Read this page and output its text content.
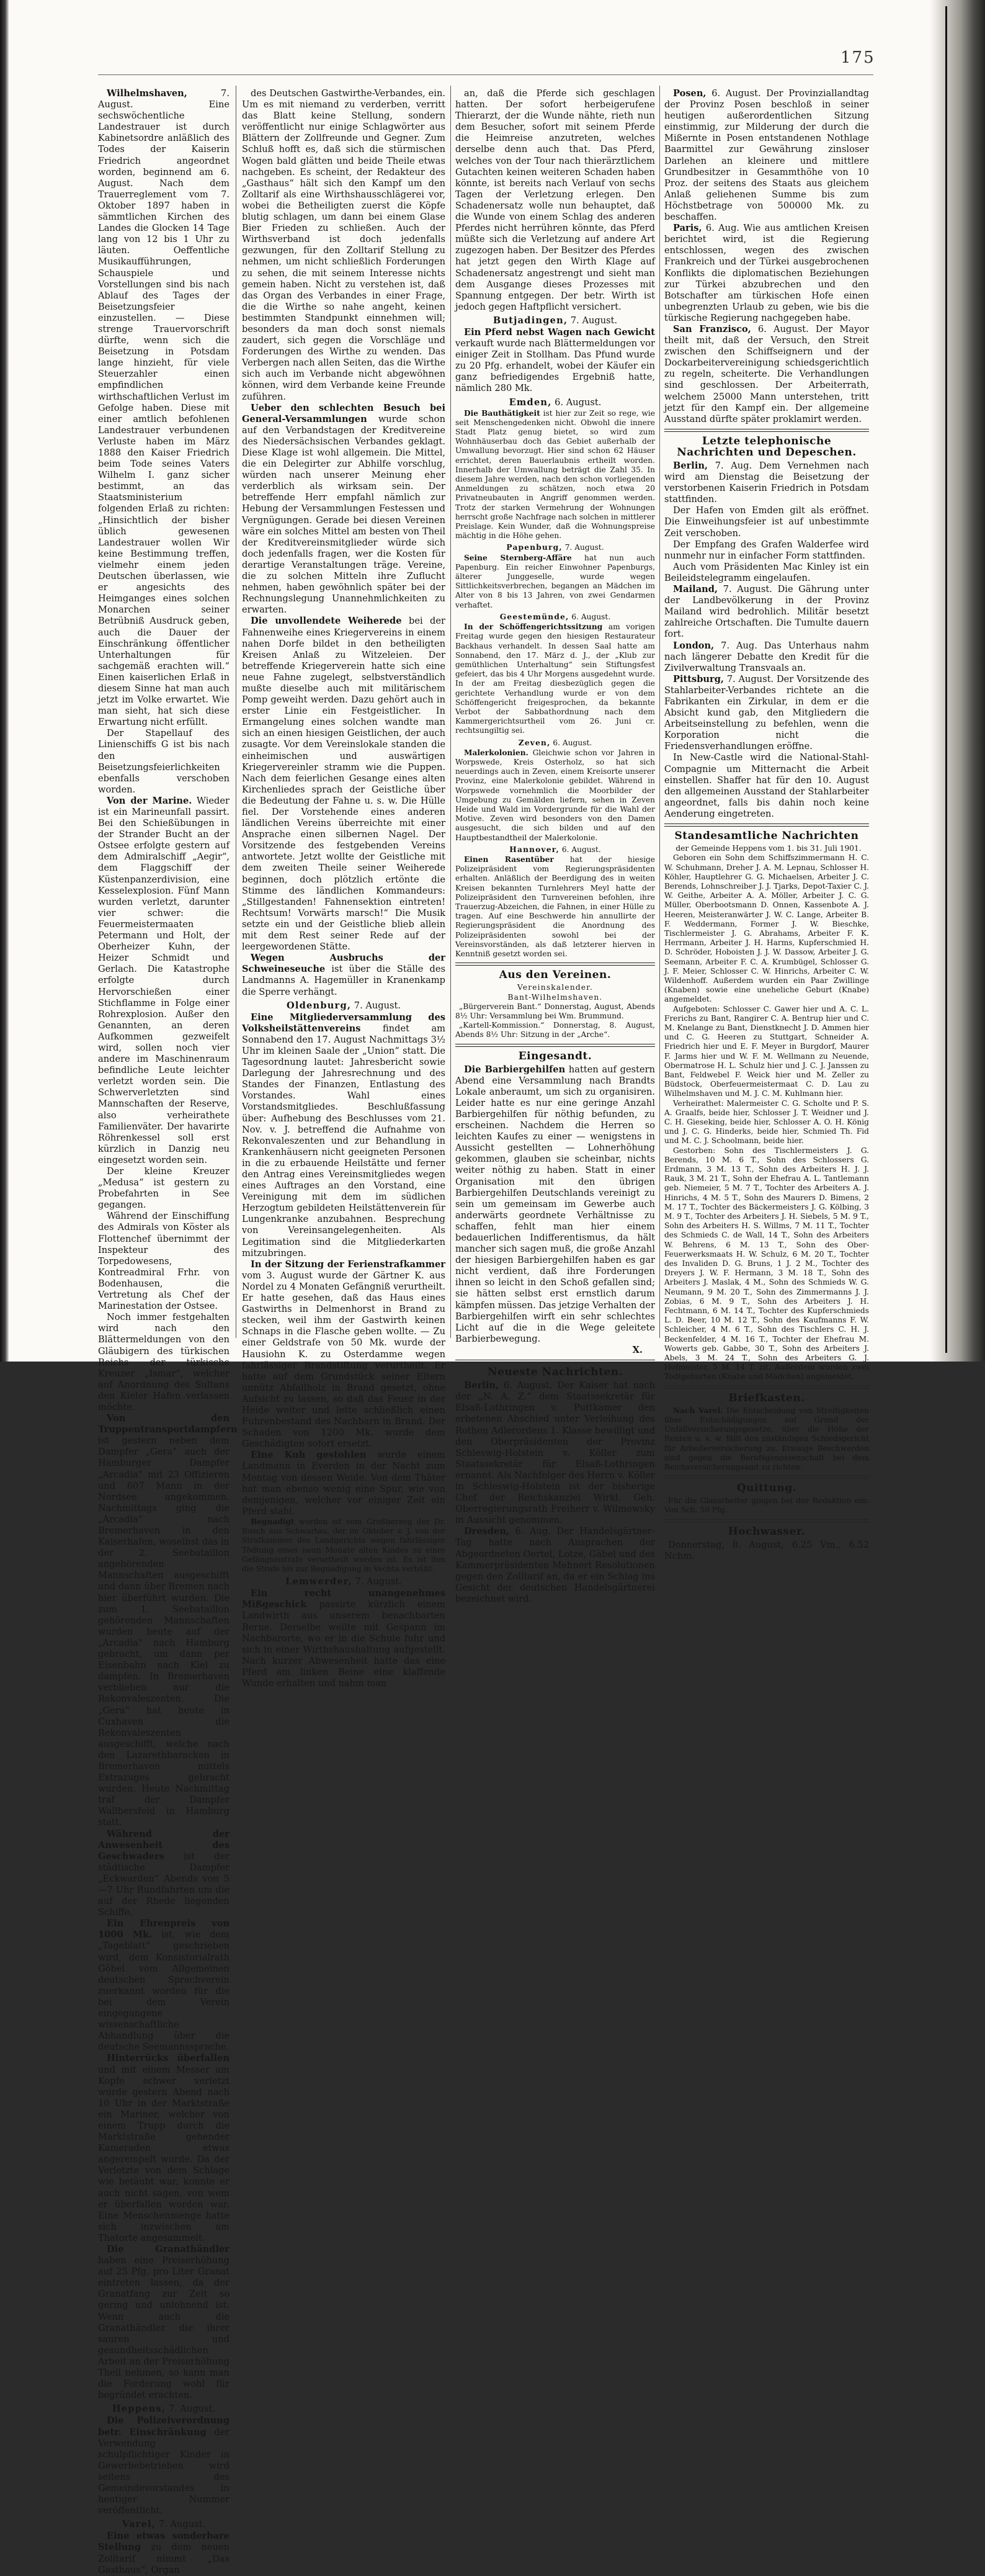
175

Wilhelmshaven, 7. August.	Eine sechswöchentliche Landestrauer ist durch Kabinetsordre anläßlich des Todes der Kaiserin Friedrich angeordnet worden, beginnend am 6. August. Nach dem Trauerreglement vom 7. Oktober 1897 haben in sämmtlichen Kirchen des Landes die Glocken 14 Tage lang von 12 bis 1 Uhr zu läuten. Oeffentliche Musikaufführungen, Schauspiele und Vorstellungen sind bis nach Ablauf des Tages der Beisetzungsfeier einzustellen. — Diese strenge Trauervorschrift dürfte, wenn sich die Beisetzung in Potsdam lange hinzieht, für viele Steuerzahler einen empfindlichen wirthschaftlichen Verlust im Gefolge haben. Diese mit einer amtlich befohlenen Landestrauer verbundenen Verluste haben im März 1888 den Kaiser Friedrich beim Tode seines Vaters Wilhelm I. ganz sicher bestimmt, an das Staatsministerium folgenden Erlaß zu richten: „Hinsichtlich der bisher üblich gewesenen Landestrauer wollen Wir keine Bestimmung treffen, vielmehr einem jeden Deutschen überlassen, wie er angesichts des Heimganges eines solchen Monarchen seiner Betrübniß Ausdruck geben, auch die Dauer der Einschränkung öffentlicher Unterhaltungen für sachgemäß erachten will.“ Einen kaiserlichen Erlaß in diesem Sinne hat man auch jetzt im Volke erwartet. Wie man sieht, hat sich diese Erwartung nicht erfüllt.

Der Stapellauf des Linienschiffs G ist bis nach den Beisetzungsfeierlichkeiten ebenfalls verschoben worden.

Von der Marine. Wieder ist ein Marineunfall passirt. Bei den Schießübungen in der Strander Bucht an der Ostsee erfolgte gestern auf dem Admiralschiff „Aegir“, dem Flaggschiff der Küstenpanzerdivision, eine Kesselexplosion. Fünf Mann wurden verletzt, darunter vier schwer: die Feuermeistermaaten Petermann und Holt, der Oberheizer Kuhn, der Heizer Schmidt und Gerlach. Die Katastrophe erfolgte durch Hervorschießen einer Stichflamme in Folge einer Rohrexplosion. Außer den Genannten, an deren Aufkommen gezweifelt wird, sollen noch vier andere im Maschinenraum befindliche Leute leichter verletzt worden sein. Die Schwerverletzten sind Mannschaften der Reserve, also verheirathete Familienväter. Der havarirte Röhrenkessel soll erst kürzlich in Danzig neu eingesetzt worden sein.

Der kleine Kreuzer „Medusa“ ist gestern zu Probefahrten in See gegangen.

Während der Einschiffung des Admirals von Köster als Flottenchef übernimmt der Inspekteur des Torpedowesens, Kontreadmiral Frhr. von Bodenhausen, die Vertretung als Chef der Marinestation der Ostsee.

Noch immer festgehalten wird nach den Blättermeldungen von den Gläubigern des türkischen Reichs der türkische Kreuzer „Ismar“, welcher auf Anordnung des Sultans den Kieler Hafen verlassen möchte.

Von den Truppentransportdampfern ist gestern neben dem Dampfer „Gera“ auch der Hamburger Dampfer „Arcadia“ mit 23 Offizieren und 607 Mann in der Nordsee angekommen. Nachmittags ging die „Arcadia“ nach Bremerhaven in den Kaiserhafen, woselbst das in der 2. Seebataillon angehörenden Mannschaften ausgeschifft und dann über Bremen nach hier überführt wurden. Die zum 1. Seebataillon gehörenden Mannschaften wurden heute auf der „Arcadia“ nach Hamburg gebracht, um dann per Eisenbahn nach Kiel zu dampfen. In Bremerhaven verblieben nur die Rekonvaleszenten. Die „Gera“ hat heute in Cuxhaven die Rekonvaleszenten ausgeschifft, welche nach den Lazarethbaracken in Bremerhaven mittels Extrazuges gebracht wurden. Heute Nachmittag traf der Dampfer Wallbersfeld in Hamburg statt.

Während der Anwesenheit des Geschwaders ist der städtische Dampfer „Eckwarden“ Abends von 5—7 Uhr Rundfahrten um die auf der Rhede liegenden Schiffe.

Ein Ehrenpreis von 1000 Mk. ist, wie dem „Tageblatt“ geschrieben wird, dem Konsistorialrath Göbel vom Allgemeinen deutschen Sprachverein zuerkannt worden für die bei dem Verein eingegangene wissenschaftliche Abhandlung über die deutsche Seemannssprache.

Hinterrücks überfallen und mit einem Messer am Kopfe schwer verletzt wurde gestern Abend nach 10 Uhr in der Marktstraße ein Mariner, welcher von einem Trupp durch die Marktstraße gehender Kameraden etwas angerempelt wurde. Da der Verletzte von dem Schlage wie betäubt war, konnte er auch nicht sagen, von wem er überfallen worden war. Eine Menschenmenge hatte sich inzwischen am Thatorte angesammelt.

Die Granathändler haben eine Preiserhöhung auf 25 Pfg. pro Liter Granat eintreten lassen, da der Granatfang zur Zeit so gering und unlohnend ist. Wenn auch die Granathändler die ihrer sauren und gesundheitsschädlichen Arbeit an der Preiserhöhung Theil nehmen, so kann man die Forderung wohl für begründet erachten.

Heppens, 7. August.

Die Polizeiverordnung betr. Einschränkung der Verwendung schulpflichtiger Kinder in Gewerbebetrieben wird seitens des Gemeindevorstandes in heutiger Nummer veröffentlicht.

Varel, 7. August.

Eine etwas sonderbare Stellung zu dem neuen Zolltarif nimmt „Das Gasthaus“, Organ

des Deutschen Gastwirthe-Verbandes, ein. Um es mit niemand zu verderben, verritt das Blatt keine Stellung, sondern veröffentlicht nur einige Schlagwörter aus Blättern der Zollfreunde und Gegner. Zum Schluß hofft es, daß sich die stürmischen Wogen bald glätten und beide Theile etwas nachgeben. Es scheint, der Redakteur des „Gasthaus“ hält sich den Kampf um den Zolltarif als eine Wirthshausschlägerei vor, wobei die Betheiligten zuerst die Köpfe blutig schlagen, um dann bei einem Glase Bier Frieden zu schließen. Auch der Wirthsverband ist doch jedenfalls gezwungen, für den Zolltarif Stellung zu nehmen, um nicht schließlich Forderungen zu sehen, die mit seinem Interesse nichts gemein haben. Nicht zu verstehen ist, daß das Organ des Verbandes in einer Frage, die die Wirthe so nahe angeht, keinen bestimmten Standpunkt einnehmen will; besonders da man doch sonst niemals zaudert, sich gegen die Vorschläge und Forderungen des Wirthe zu wenden. Das Verbergen nach allen Seiten, das die Wirthe sich auch im Verbande nicht abgewöhnen können, wird dem Verbande keine Freunde zuführen.

Ueber den schlechten Besuch bei General-Versammlungen wurde schon auf den Verbandstagen der Kreditvereine des Niedersächsischen Verbandes geklagt. Diese Klage ist wohl allgemein. Die Mittel, die ein Delegirter zur Abhilfe vorschlug, würden nach unserer Meinung eher verderblich als wirksam sein. Der betreffende Herr empfahl nämlich zur Hebung der Versammlungen Festessen und Vergnügungen. Gerade bei diesen Vereinen wäre ein solches Mittel am besten von Theil der Kreditvereinsmitglieder würde sich doch jedenfalls fragen, wer die Kosten für derartige Veranstaltungen träge. Vereine, die zu solchen Mitteln ihre Zuflucht nehmen, haben gewöhnlich später bei der Rechnungslegung Unannehmlichkeiten zu erwarten.

Die unvollendete Weiherede bei der Fahnenweihe eines Kriegervereins in einem nahen Dorfe bildet in den betheiligten Kreisen Anlaß zu Witzeleien. Der betreffende Kriegerverein hatte sich eine neue Fahne zugelegt, selbstverständlich mußte dieselbe auch mit militärischem Pomp geweiht werden. Dazu gehört auch in erster Linie ein Festgeistlicher. In Ermangelung eines solchen wandte man sich an einen hiesigen Geistlichen, der auch zusagte. Vor dem Vereinslokale standen die einheimischen und auswärtigen Kriegervereinler stramm wie die Puppen. Nach dem feierlichen Gesange eines alten Kirchenliedes sprach der Geistliche über die Bedeutung der Fahne u. s. w. Die Hülle fiel. Der Vorstehende eines anderen ländlichen Vereins überreichte mit einer Ansprache einen silbernen Nagel. Der Vorsitzende des festgebenden Vereins antwortete. Jetzt wollte der Geistliche mit dem zweiten Theile seiner Weiherede beginnen, doch plötzlich ertönte die Stimme des ländlichen Kommandeurs: „Stillgestanden! Fahnensektion eintreten! Rechtsum! Vorwärts marsch!“ Die Musik setzte ein und der Geistliche blieb allein mit dem Rest seiner Rede auf der leergewordenen Stätte.

Wegen Ausbruchs der Schweineseuche ist über die Ställe des Landmanns A. Hagemüller in Kranenkamp die Sperre verhängt.

Oldenburg, 7. August.

Eine Mitgliederversammlung des Volksheilstättenvereins findet am Sonnabend den 17. August Nachmittags 3½ Uhr im kleinen Saale der „Union“ statt. Die Tagesordnung lautet: Jahresbericht sowie Darlegung der Jahresrechnung und des Standes der Finanzen, Entlastung des Vorstandes. Wahl eines Vorstandsmitgliedes. Beschlußfassung über: Aufhebung des Beschlusses vom 21. Nov. v. J. betreffend die Aufnahme von Rekonvaleszenten und zur Behandlung in Krankenhäusern nicht geeigneten Personen in die zu erbauende Heilstätte und ferner den Antrag eines Vereinsmitgliedes wegen eines Auftrages an den Vorstand, eine Vereinigung mit dem im südlichen Herzogtum gebildeten Heilstättenverein für Lungenkranke anzubahnen. Besprechung von Vereinsangelegenheiten. Als Legitimation sind die Mitgliederkarten mitzubringen.

In der Sitzung der Ferienstrafkammer vom 3. August wurde der Gärtner K. aus Nordel zu 4 Monaten Gefängniß verurtheilt. Er hatte gesehen, daß das Haus eines Gastwirths in Delmenhorst in Brand zu stecken, weil ihm der Gastwirth keinen Schnaps in die Flasche geben wollte. — Zu einer Geldstrafe von 50 Mk. wurde der Hausiohn K. zu Osterdamme wegen fahrlässiger Brandstiftung verurtheilt. Er hatte auf dem Grundstück seiner Eltern unnütz Abfallholz in Brand gesetzt, ohne Aufsicht zu lassen, so daß das Feuer in der Heide weiter und lette schließlich einen Fuhrenbestand des Nachbarn in Brand. Der Schaden von 1200 Mk. wurde dem Geschädigten sofort ersetzt.

Eine Kuh gestohlen wurde einem Landmann in Everden in der Nacht zum Montag von dessen Weide. Von dem Thäter hat man ebenso wenig eine Spur, wie von demjenigen, welcher vor einiger Zeit ein Pferd stahl.

Begnadigt worden ist vom Großherzog der Dr. Busch aus Schwartau, der im Oktober v. J. von der Strafkammer des Landgerichts wegen fahrlässiger Tödtung eines neun Monate alten Kindes zu einer Gefängnisstrafe verurtheilt worden ist. Es ist ihm die Strafe bis zur Begnadigung in Vechta verbüßt.

Lemwerder, 7. August.

Ein recht unangenehmes Mißgeschick passirte kürzlich einem Landwirth aus unserem benachbarten Berne. Derselbe weilte mit Gespann im Nachbarorte, wo er in die Schule fuhr und sich in einer Wirthshaushaltung aufgestellt. Nach kurzer Abwesenheit hatte das eine Pferd am linken Beine eine klaffende Wunde erhalten und nahm man

an, daß die Pferde sich geschlagen hatten. Der sofort herbeigerufene Thierarzt, der die Wunde nähte, rieth nun dem Besucher, sofort mit seinem Pferde die Heimreise anzutreten, welches derselbe denn auch that. Das Pferd, welches von der Tour nach thierärztlichem Gutachten keinen weiteren Schaden haben könnte, ist bereits nach Verlauf von sechs Tagen der Verletzung erlegen. Den Schadenersatz wolle nun behauptet, daß die Wunde von einem Schlag des anderen Pferdes nicht herrühren könnte, das Pferd müßte sich die Verletzung auf andere Art zugezogen haben. Der Besitzer des Pferdes hat jetzt gegen den Wirth Klage auf Schadenersatz angestrengt und sieht man dem Ausgange dieses Prozesses mit Spannung entgegen. Der betr. Wirth ist jedoch gegen Haftpflicht versichert.

Butjadingen, 7. August.

Ein Pferd nebst Wagen nach Gewicht verkauft wurde nach Blättermeldungen vor einiger Zeit in Stollham. Das Pfund wurde zu 20 Pfg. erhandelt, wobei der Käufer ein ganz befriedigendes Ergebniß hatte, nämlich 280 Mk.

Emden, 6. August.

Die Bauthätigkeit ist hier zur Zeit so rege, wie seit Menschengedenken nicht. Obwohl die innere Stadt Platz genug bietet, so wird zum Wohnhäuserbau doch das Gebiet außerhalb der Umwallung bevorzugt. Hier sind schon 62 Häuser errichtet, deren Bauerlaubnis ertheilt worden. Innerhalb der Umwallung beträgt die Zahl 35. In diesem Jahre werden, nach den schon vorliegenden Anmeldungen zu schätzen, noch etwa 20 Privatneubauten in Angriff genommen werden. Trotz der starken Vermehrung der Wohnungen herrscht große Nachfrage nach solchen in mittlerer Preislage. Kein Wunder, daß die Wohnungspreise mächtig in die Höhe gehen.

Papenburg, 7. August.

Seine Sternberg-Affäre hat nun auch Papenburg. Ein reicher Einwohner Papenburgs, älterer Junggeselle, wurde wegen Sittlichkeitsverbrechen, begangen an Mädchen im Alter von 8 bis 13 Jahren, von zwei Gendarmen verhaftet.

Geestemünde, 6. August.

In der Schöffengerichtssitzung am vorigen Freitag wurde gegen den hiesigen Restaurateur Backhaus verhandelt. In dessen Saal hatte am Sonnabend, den 17. März d. J., der „Klub zur gemüthlichen Unterhaltung“ sein Stiftungsfest gefeiert, das bis 4 Uhr Morgens ausgedehnt wurde. In der am Freitag diesbezüglich gegen die gerichtete Verhandlung wurde er von dem Schöffengericht freigesprochen, da bekannte Verbot der Sabbathordnung nach dem Kammergerichtsurtheil vom 26. Juni cr. rechtsungiltig sei.

Zeven, 6. August.

Malerkolonien. Gleichwie schon vor Jahren in Worpswede, Kreis Osterholz, so hat sich neuerdings auch in Zeven, einem Kreisorte unserer Provinz, eine Malerkolonie gebildet. Während in Worpswede vornehmlich die Moorbilder der Umgebung zu Gemälden liefern, sehen in Zeven Heide und Wald im Vordergrunde für die Wahl der Motive. Zeven wird besonders von den Damen ausgesucht, die sich bilden und auf den Hauptbestandtheil der Malerkolonie.

Hannover, 6. August.

Einen Rasentüber hat der hiesige Polizeipräsident vom Regierungspräsidenten erhalten. Anläßlich der Beerdigung des in weiten Kreisen bekannten Turnlehrers Meyl hatte der Polizeipräsident den Turnvereinen befohlen, ihre Trauerzug-Abzeichen, die Fahnen, in einer Hülle zu tragen. Auf eine Beschwerde hin annullirte der Regierungspräsident die Anordnung des Polizeipräsidenten sowohl bei der Vereinsvorständen, als daß letzterer hierven in Kenntniß gesetzt worden sei.

Aus den Vereinen.
Vereinskalender.
Bant-Wilhelmshaven.

„Bürgerverein Bant.“ Donnerstag, August, Abends 8½ Uhr: Versammlung bei Wm. Brummund.

„Kartell-Kommission.“ Donnerstag, 8. August, Abends 8½ Uhr: Sitzung in der „Arche“.

Eingesandt.

Die Barbiergehilfen hatten auf gestern Abend eine Versammlung nach Brandts Lokale anberaumt, um sich zu organisiren. Leider hatte es nur eine geringe Anzahl Barbiergehilfen für nöthig befunden, zu erscheinen. Nachdem die Herren so leichten Kaufes zu einer — wenigstens in Aussicht gestellten — Lohnerhöhung gekommen, glauben sie scheinbar, nichts weiter nöthig zu haben. Statt in einer Organisation mit den übrigen Barbiergehilfen Deutschlands vereinigt zu sein um gemeinsam im Gewerbe auch anderwärts geordnete Verhältnisse zu schaffen, fehlt man hier einem bedauerlichen Indifferentismus, da hält mancher sich sagen muß, die große Anzahl der hiesigen Barbiergehilfen haben es gar nicht verdient, daß ihre Forderungen ihnen so leicht in den Schoß gefallen sind; sie hätten selbst erst ernstlich darum kämpfen müssen. Das jetzige Verhalten der Barbiergehilfen wirft ein sehr schlechtes Licht auf die in die Wege geleitete Barbierbewegung.

X.
Neueste Nachrichten.

Berlin, 6. August. Der Kaiser hat nach der „N. A. Z.“ dem Staatssekretär für Elsaß-Lothringen v. Puttkamer den erbetenen Abschied unter Verleihung des Rothen Adlerordens 1. Klasse bewilligt und den Oberpräsidenten der Provinz Schleswig-Holstein v. Köller zum Staatssekretär für Elsaß-Lothringen ernannt. Als Nachfolger des Herrn v. Köller in Schleswig-Holstein ist der bisherige Chef der Reichskanzlei Wirkl. Geh. Oberregierungsrath Freiherr v. Wilmowsky in Aussicht genommen.

Dresden, 6. Aug. Der Handelsgärtner-Tag hatte nach Ansprachen der Abgeordneten Oertel, Lotze, Gäbel und des Kammerpräsidenten Mehnert Resolutionen gegen den Zolltarif an, da er ein Schlag ins Gesicht der deutschen Handelsgärtnerei bezeichnet wird.

Posen, 6. August. Der Provinziallandtag der Provinz Posen beschloß in seiner heutigen außerordentlichen Sitzung einstimmig, zur Milderung der durch die Mißernte in Posen entstandenen Nothlage Baarmittel zur Gewährung zinsloser Darlehen an kleinere und mittlere Grundbesitzer in Gesammthöhe von 10 Proz. der seitens des Staats aus gleichem Anlaß geliehenen Summe bis zum Höchstbetrage von 500000 Mk. zu beschaffen.

Paris, 6. Aug. Wie aus amtlichen Kreisen berichtet wird, ist die Regierung entschlossen, wegen des zwischen Frankreich und der Türkei ausgebrochenen Konflikts die diplomatischen Beziehungen zur Türkei abzubrechen und den Botschafter am türkischen Hofe einen unbegrenzten Urlaub zu geben, wie bis die türkische Regierung nachgegeben habe.

San Franzisco, 6. August. Der Mayor theilt mit, daß der Versuch, den Streit zwischen den Schiffseignern und der Dockarbeitervereinigung schiedsgerichtlich zu regeln, scheiterte. Die Verhandlungen sind geschlossen. Der Arbeiterrath, welchem 25000 Mann unterstehen, tritt jetzt für den Kampf ein. Der allgemeine Ausstand dürfte später proklamirt werden.

Letzte telephonische Nachrichten und Depeschen.

Berlin, 7. Aug. Dem Vernehmen nach wird am Dienstag die Beisetzung der verstorbenen Kaiserin Friedrich in Potsdam stattfinden.

Der Hafen von Emden gilt als eröffnet. Die Einweihungsfeier ist auf unbestimmte Zeit verschoben.

Der Empfang des Grafen Walderfee wird nunmehr nur in einfacher Form stattfinden.

Auch vom Präsidenten Mac Kinley ist ein Beileidstelegramm eingelaufen.

Mailand, 7. August. Die Gährung unter der Landbevölkerung in der Provinz Mailand wird bedrohlich. Militär besetzt zahlreiche Ortschaften. Die Tumulte dauern fort.

London, 7. Aug. Das Unterhaus nahm nach längerer Debatte den Kredit für die Zivilverwaltung Transvaals an.

Pittsburg, 7. August. Der Vorsitzende des Stahlarbeiter-Verbandes richtete an die Fabrikanten ein Zirkular, in dem er die Absicht kund gab, den Mitgliedern die Arbeitseinstellung zu befehlen, wenn die Korporation nicht die Friedensverhandlungen eröffne.

In New-Castle wird die National-Stahl-Compagnie um Mitternacht die Arbeit einstellen. Shaffer hat für den 10. August den allgemeinen Ausstand der Stahlarbeiter angeordnet, falls bis dahin noch keine Aenderung eingetreten.

Standesamtliche Nachrichten

der Gemeinde Heppens vom 1. bis 31. Juli 1901.

Geboren ein Sohn dem Schiffszimmermann H. C. W. Schuhmann, Dreher J. A. M. Lepnau, Schlosser H. Köhler, Hauptlehrer G. G. Michaelsen, Arbeiter J. C. Berends, Lohnschreiber J. J. Tjarks, Depot-Taxier C. J. W. Geithe, Arbeiter A. A. Möller, Arbeiter J. C. G. Müller, Oberbootsmann D. Onnen, Kassenbote A. J. Heeren, Meisteranwärter J. W. C. Lange, Arbeiter B. F. Weddermann, Former J. W. Bieschke, Tischlermeister J. G. Abrahams, Arbeiter F. K. Herrmann, Arbeiter J. H. Harms, Kupferschmied H. D. Schröder, Hoboisten J. J. W. Dassow, Arbeiter J. G. Seemann, Arbeiter F. C. A. Krumbügel, Schlosser G. J. F. Meier, Schlosser C. W. Hinrichs, Arbeiter C. W. Wildenhoff. Außerdem wurden ein Paar Zwillinge (Knaben) sowie eine uneheliche Geburt (Knabe) angemeldet.

Aufgeboten: Schlosser C. Gawer hier und A. C. L. Frerichs zu Bant, Rangirer C. A. Bentrup hier und C. M. Knelange zu Bant, Dienstknecht J. D. Ammen hier und C. G. Heeren zu Stuttgart, Schneider A. Friedrich hier und E. F. Meyer in Burgdorf, Maurer F. Jarms hier und W. F. M. Wellmann zu Neuende, Obermatrose H. L. Schulz hier und J. C. J. Janssen zu Bant, Feldwebel F. Weick hier und M. Zeller zu Büdstock, Oberfeuermeistermaat C. D. Lau zu Wilhelmshaven und M. J. C. M. Kuhlmann hier.

Verheirathet: Malermeister C. G. Scholte und P. S. A. Graalfs, beide hier, Schlosser J. T. Weidner und J. C. H. Gieseking, beide hier, Schlosser A. O. H. König und J. C. G. Hinderks, beide hier, Schmied Th. Fid und M. C. J. Schoolmann, beide hier.

Gestorben: Sohn des Tischlermeisters J. G. Berends, 10 M. 6 T., Sohn des Schlossers G. Erdmann, 3 M. 13 T., Sohn des Arbeiters H. J. J. Rauk, 3 M. 21 T., Sohn der Ehefrau A. L. Tantlemann geb. Niemeier, 5 M. 7 T., Tochter des Arbeiters A. J. Hinrichs, 4 M. 5 T., Sohn des Maurers D. Bimens, 2 M. 17 T., Tochter des Bäckermeisters J. G. Kölbing, 3 M. 9 T., Tochter des Arbeiters J. H. Siebels, 5 M. 9 T., Sohn des Arbeiters H. S. Willms, 7 M. 11 T., Tochter des Schmieds C. de Wall, 14 T., Sohn des Arbeiters W. Behrens, 6 M. 13 T., Sohn des Ober-Feuerwerksmaats H. W. Schulz, 6 M. 20 T., Tochter des Invaliden D. G. Bruns, 1 J. 2 M., Tochter des Dreyers J. W. F. Hermann, 3 M. 18 T., Sohn des Arbeiters J. Maslak, 4 M., Sohn des Schmieds W. G. Neumann, 9 M. 20 T., Sohn des Zimmermanns J. J. Zobias, 6 M. 9 T., Sohn des Arbeiters J. H. Fechtmann, 6 M. 14 T., Tochter des Kupferschmieds L. D. Beer, 10 M. 12 T., Sohn des Kaufmanns F. W. Schleicher, 4 M. 6 T., Sohn des Tischlers C. H. J. Beckenfelder, 4 M. 16 T., Tochter der Ehefrau M. Wowerts geb. Gabbe, 30 T., Sohn des Arbeiters J. Abels, 3 M. 24 T., Sohn des Arbeiters G. J. Hofmeister, 5 M. 14 T. zit. Außerdem wurden zwei Todtgeburten (Knabe und Mädchen) angemeldet.

Briefkasten.

Nach Varel. Die Entscheidung von Streitigkeiten über Entschädigungen auf Grund der Unfallversicherungsgesetze, über die Höhe der Renten u. s. w. fällt den zuständigen Schiedsgericht für Arbeiterversicherung zu. Etwaige Beschwerden sind gegen die Berufsgenossenschaft bei dem Reichsversicherungsamt zu richten.

Quittung.

Für die Glasarbeiter gingen bei der Redaktion ein: Von Sch. 50 Pfg.

Hochwasser.

Donnerstag, 8. August, 6.25 Vm., 6.52 Nchm.
